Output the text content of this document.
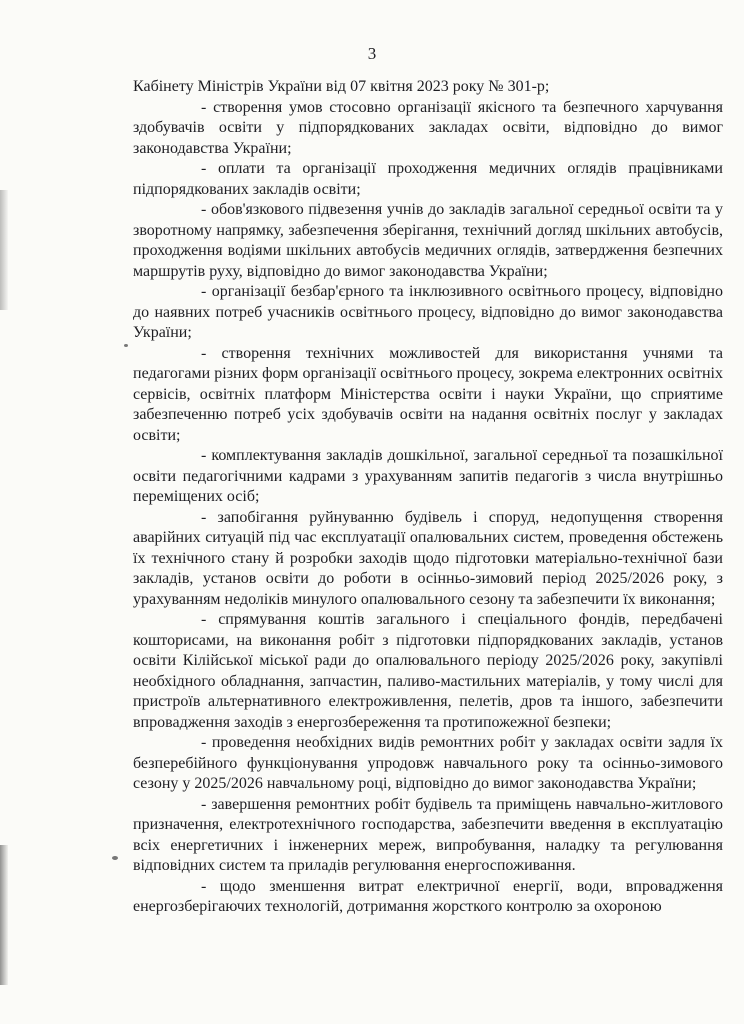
3

Кабінету Міністрів України від 07 квітня 2023 року № 301-р;

- створення умов стосовно організації якісного та безпечного харчування здобувачів освіти у підпорядкованих закладах освіти, відповідно до вимог законодавства України;

- оплати та організації проходження медичних оглядів працівниками підпорядкованих закладів освіти;

- обов'язкового підвезення учнів до закладів загальної середньої освіти та у зворотному напрямку, забезпечення зберігання, технічний догляд шкільних автобусів, проходження водіями шкільних автобусів медичних оглядів, затвердження безпечних маршрутів руху, відповідно до вимог законодавства України;

- організації безбар'єрного та інклюзивного освітнього процесу, відповідно до наявних потреб учасників освітнього процесу, відповідно до вимог законодавства України;

- створення технічних можливостей для використання учнями та педагогами різних форм організації освітнього процесу, зокрема електронних освітніх сервісів, освітніх платформ Міністерства освіти і науки України, що сприятиме забезпеченню потреб усіх здобувачів освіти на надання освітніх послуг у закладах освіти;

- комплектування закладів дошкільної, загальної середньої та позашкільної освіти педагогічними кадрами з урахуванням запитів педагогів з числа внутрішньо переміщених осіб;

- запобігання руйнуванню будівель і споруд, недопущення створення аварійних ситуацій під час експлуатації опалювальних систем, проведення обстежень їх технічного стану й розробки заходів щодо підготовки матеріально-технічної бази закладів, установ освіти до роботи в осінньо-зимовий період 2025/2026 року, з урахуванням недоліків минулого опалювального сезону та забезпечити їх виконання;

- спрямування коштів загального і спеціального фондів, передбачені кошторисами, на виконання робіт з підготовки підпорядкованих закладів, установ освіти Кілійської міської ради до опалювального періоду 2025/2026 року, закупівлі необхідного обладнання, запчастин, паливо-мастильних матеріалів, у тому числі для пристроїв альтернативного електроживлення, пелетів, дров та іншого, забезпечити впровадження заходів з енергозбереження та протипожежної безпеки;

- проведення необхідних видів ремонтних робіт у закладах освіти задля їх безперебійного функціонування упродовж навчального року та осінньо-зимового сезону у 2025/2026 навчальному році, відповідно до вимог законодавства України;

- завершення ремонтних робіт будівель та приміщень навчально-житлового призначення, електротехнічного господарства, забезпечити введення в експлуатацію всіх енергетичних і інженерних мереж, випробування, наладку та регулювання відповідних систем та приладів регулювання енергоспоживання.

- щодо зменшення витрат електричної енергії, води, впровадження енергозберігаючих технологій, дотримання жорсткого контролю за охороною
